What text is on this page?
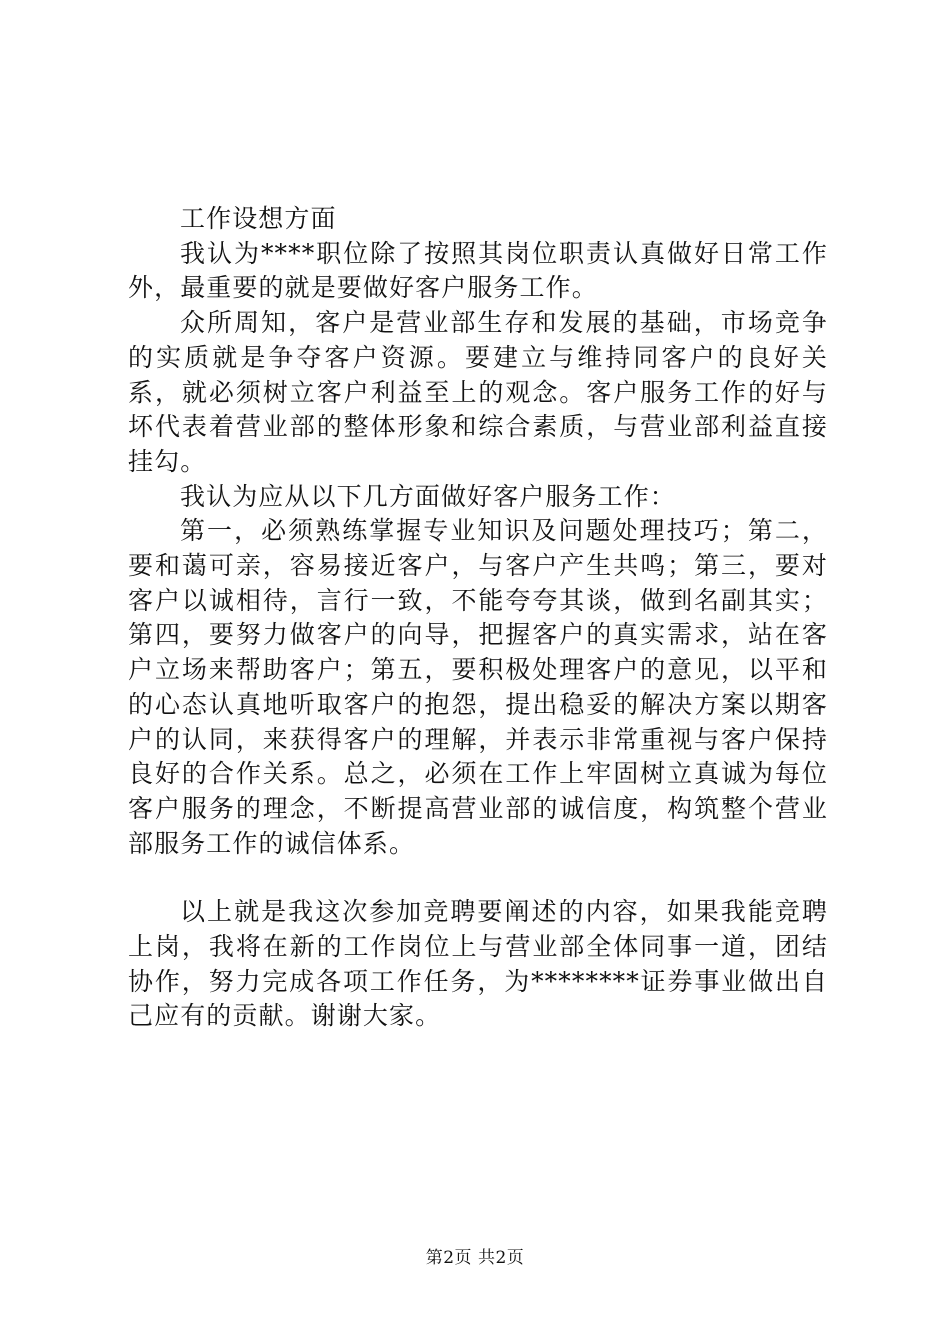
工作设想方面

我认为****职位除了按照其岗位职责认真做好日常工作外，最重要的就是要做好客户服务工作。

众所周知，客户是营业部生存和发展的基础，市场竞争的实质就是争夺客户资源。要建立与维持同客户的良好关系，就必须树立客户利益至上的观念。客户服务工作的好与坏代表着营业部的整体形象和综合素质，与营业部利益直接挂勾。

我认为应从以下几方面做好客户服务工作：

第一，必须熟练掌握专业知识及问题处理技巧；第二，要和蔼可亲，容易接近客户，与客户产生共鸣；第三，要对客户以诚相待，言行一致，不能夸夸其谈，做到名副其实；第四，要努力做客户的向导，把握客户的真实需求，站在客户立场来帮助客户；第五，要积极处理客户的意见，以平和的心态认真地听取客户的抱怨，提出稳妥的解决方案以期客户的认同，来获得客户的理解，并表示非常重视与客户保持良好的合作关系。总之，必须在工作上牢固树立真诚为每位客户服务的理念，不断提高营业部的诚信度，构筑整个营业部服务工作的诚信体系。

以上就是我这次参加竞聘要阐述的内容，如果我能竞聘上岗，我将在新的工作岗位上与营业部全体同事一道，团结协作，努力完成各项工作任务，为********证券事业做出自己应有的贡献。谢谢大家。

第2页 共2页
